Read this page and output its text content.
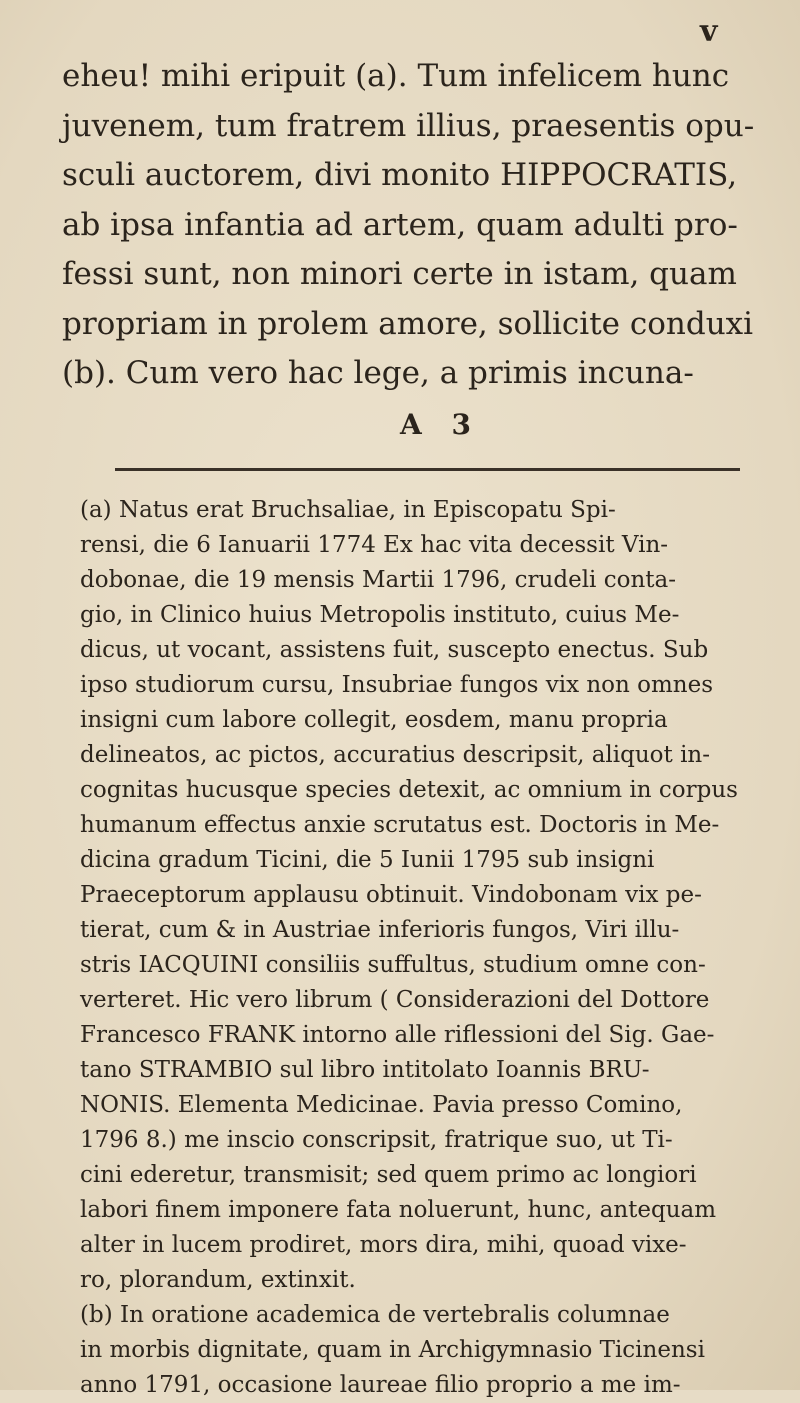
v
eheu! mihi eripuit (a). Tum infelicem hunc
juvenem, tum fratrem illius, praesentis opu-
sculi auctorem, divi monito HIPPOCRATIS,
ab ipsa infantia ad artem, quam adulti pro-
fessi sunt, non minori certe in istam, quam
propriam in prolem amore, sollicite conduxi
(b). Cum vero hac lege, a primis incuna-
A 3
(a) Natus erat Bruchsaliae, in Episcopatu Spi-
rensi, die 6 Ianuarii 1774 Ex hac vita decessit Vin-
dobonae, die 19 mensis Martii 1796, crudeli conta-
gio, in Clinico huius Metropolis instituto, cuius Me-
dicus, ut vocant, assistens fuit, suscepto enectus. Sub
ipso studiorum cursu, Insubriae fungos vix non omnes
insigni cum labore collegit, eosdem, manu propria
delineatos, ac pictos, accuratius descripsit, aliquot in-
cognitas hucusque species detexit, ac omnium in corpus
humanum effectus anxie scrutatus est. Doctoris in Me-
dicina gradum Ticini, die 5 Iunii 1795 sub insigni
Praeceptorum applausu obtinuit. Vindobonam vix pe-
tierat, cum & in Austriae inferioris fungos, Viri illu-
stris IACQUINI consiliis suffultus, studium omne con-
verteret. Hic vero librum ( Considerazioni del Dottore
Francesco FRANK intorno alle riflessioni del Sig. Gae-
tano STRAMBIO sul libro intitolato Ioannis BRU-
NONIS. Elementa Medicinae. Pavia presso Comino,
1796 8.) me inscio conscripsit, fratrique suo, ut Ti-
cini ederetur, transmisit; sed quem primo ac longiori
labori finem imponere fata noluerunt, hunc, antequam
alter in lucem prodiret, mors dira, mihi, quoad vixe-
ro, plorandum, extinxit.
(b) In oratione academica de vertebralis columnae
in morbis dignitate, quam in Archigymnasio Ticinensi
anno 1791, occasione laureae filio proprio a me im-
